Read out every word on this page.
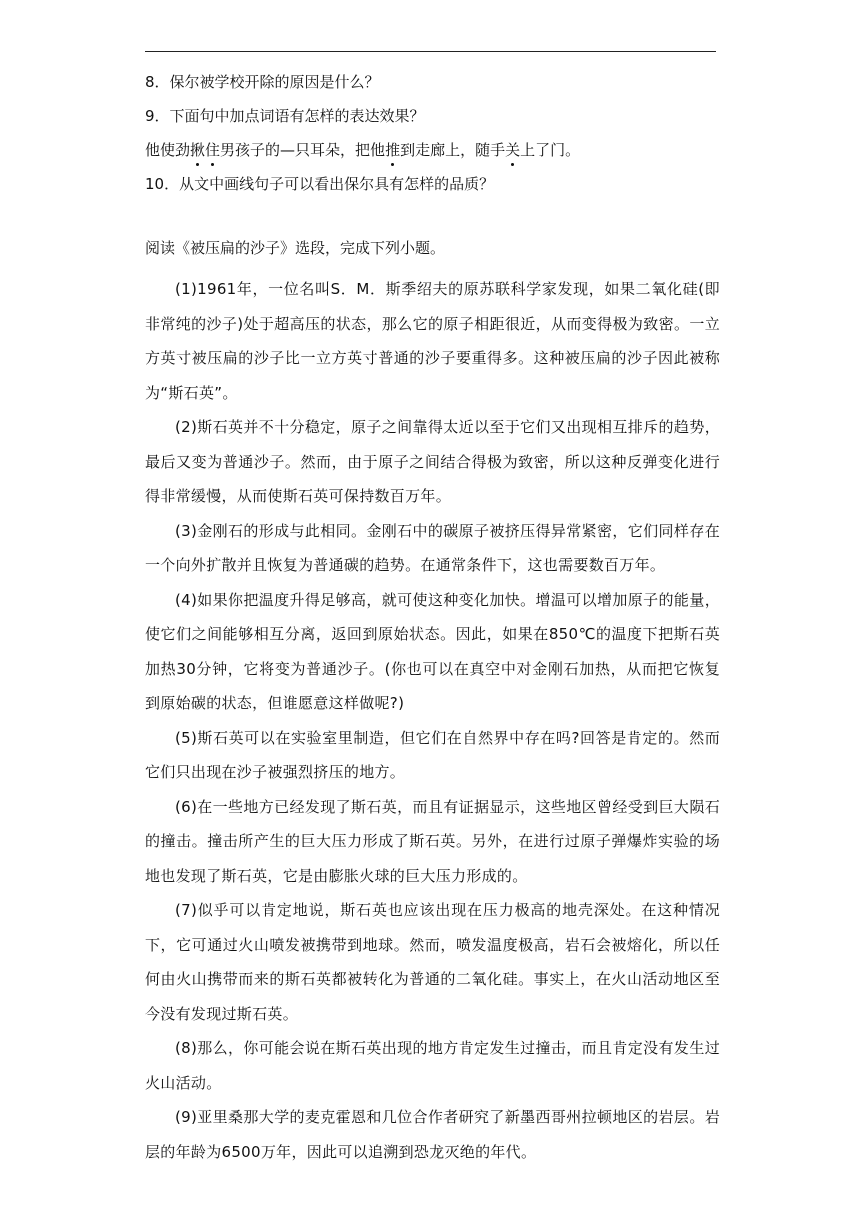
8．保尔被学校开除的原因是什么？
9．下面句中加点词语有怎样的表达效果？
他使劲揪住男孩子的—只耳朵，把他推到走廊上，随手关上了门。
10．从文中画线句子可以看出保尔具有怎样的品质？
阅读《被压扁的沙子》选段，完成下列小题。

(1)1961年，一位名叫S．M．斯季绍夫的原苏联科学家发现，如果二氧化硅(即非常纯的沙子)处于超高压的状态，那么它的原子相距很近，从而变得极为致密。一立方英寸被压扁的沙子比一立方英寸普通的沙子要重得多。这种被压扁的沙子因此被称为“斯石英”。

(2)斯石英并不十分稳定，原子之间靠得太近以至于它们又出现相互排斥的趋势，最后又变为普通沙子。然而，由于原子之间结合得极为致密，所以这种反弹变化进行得非常缓慢，从而使斯石英可保持数百万年。

(3)金刚石的形成与此相同。金刚石中的碳原子被挤压得异常紧密，它们同样存在一个向外扩散并且恢复为普通碳的趋势。在通常条件下，这也需要数百万年。

(4)如果你把温度升得足够高，就可使这种变化加快。增温可以增加原子的能量，使它们之间能够相互分离，返回到原始状态。因此，如果在850℃的温度下把斯石英加热30分钟，它将变为普通沙子。(你也可以在真空中对金刚石加热，从而把它恢复到原始碳的状态，但谁愿意这样做呢?)

(5)斯石英可以在实验室里制造，但它们在自然界中存在吗?回答是肯定的。然而它们只出现在沙子被强烈挤压的地方。

(6)在一些地方已经发现了斯石英，而且有证据显示，这些地区曾经受到巨大陨石的撞击。撞击所产生的巨大压力形成了斯石英。另外，在进行过原子弹爆炸实验的场地也发现了斯石英，它是由膨胀火球的巨大压力形成的。

(7)似乎可以肯定地说，斯石英也应该出现在压力极高的地壳深处。在这种情况下，它可通过火山喷发被携带到地球。然而，喷发温度极高，岩石会被熔化，所以任何由火山携带而来的斯石英都被转化为普通的二氧化硅。事实上，在火山活动地区至今没有发现过斯石英。

(8)那么，你可能会说在斯石英出现的地方肯定发生过撞击，而且肯定没有发生过火山活动。

(9)亚里桑那大学的麦克霍恩和几位合作者研究了新墨西哥州拉顿地区的岩层。岩层的年龄为6500万年，因此可以追溯到恐龙灭绝的年代。
